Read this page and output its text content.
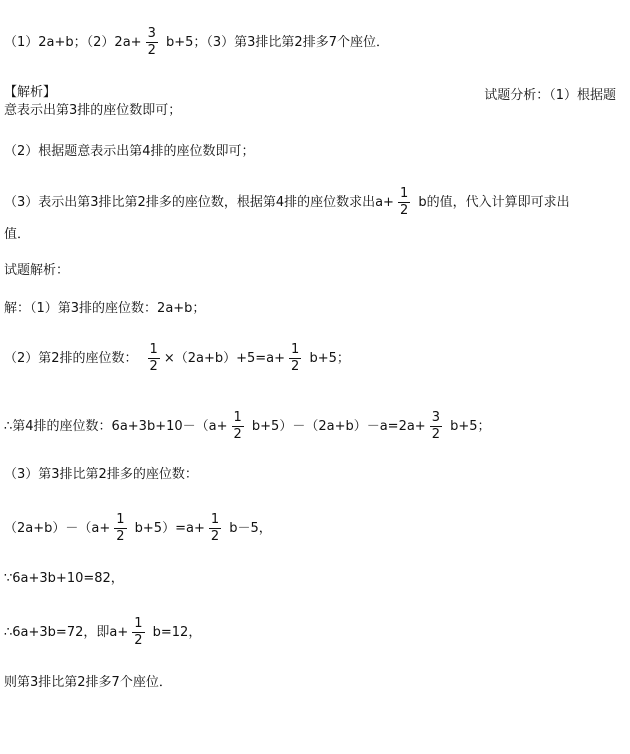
（1）2a+b；$(2)2a+ \frac{3}{2} b+5$；（3）第3排比第2排多7个座位．
【解析】	试题分析：（1）根据题
意表示出第3排的座位数即可；
（2）根据题意表示出第4排的座位数即可；
（3）表示出第3排比第2排多的座位数，根据第4排的座位数求出$a+ \frac{1}{2}$ b的值，代入计算即可求出
值．
试题解析：
解：（1）第3排的座位数：2a+b；
（2）第2排的座位数： $\frac{1}{2} \times(2a+b)+5=a+ \frac{1}{2} b+5$；
∴第4排的座位数：$6a+3b+10-(a+ \frac{1}{2} b+5)-(2a+b)-a=2a+ \frac{3}{2} b+5$；
（3）第3排比第2排多的座位数：
$(2a+b)-(a+ \frac{1}{2} b+5)=a+ \frac{1}{2} b-5$，
∵6a+3b+10=82，
∴6a+3b=72，即$a+ \frac{1}{2} b=12$，
则第3排比第2排多7个座位．
